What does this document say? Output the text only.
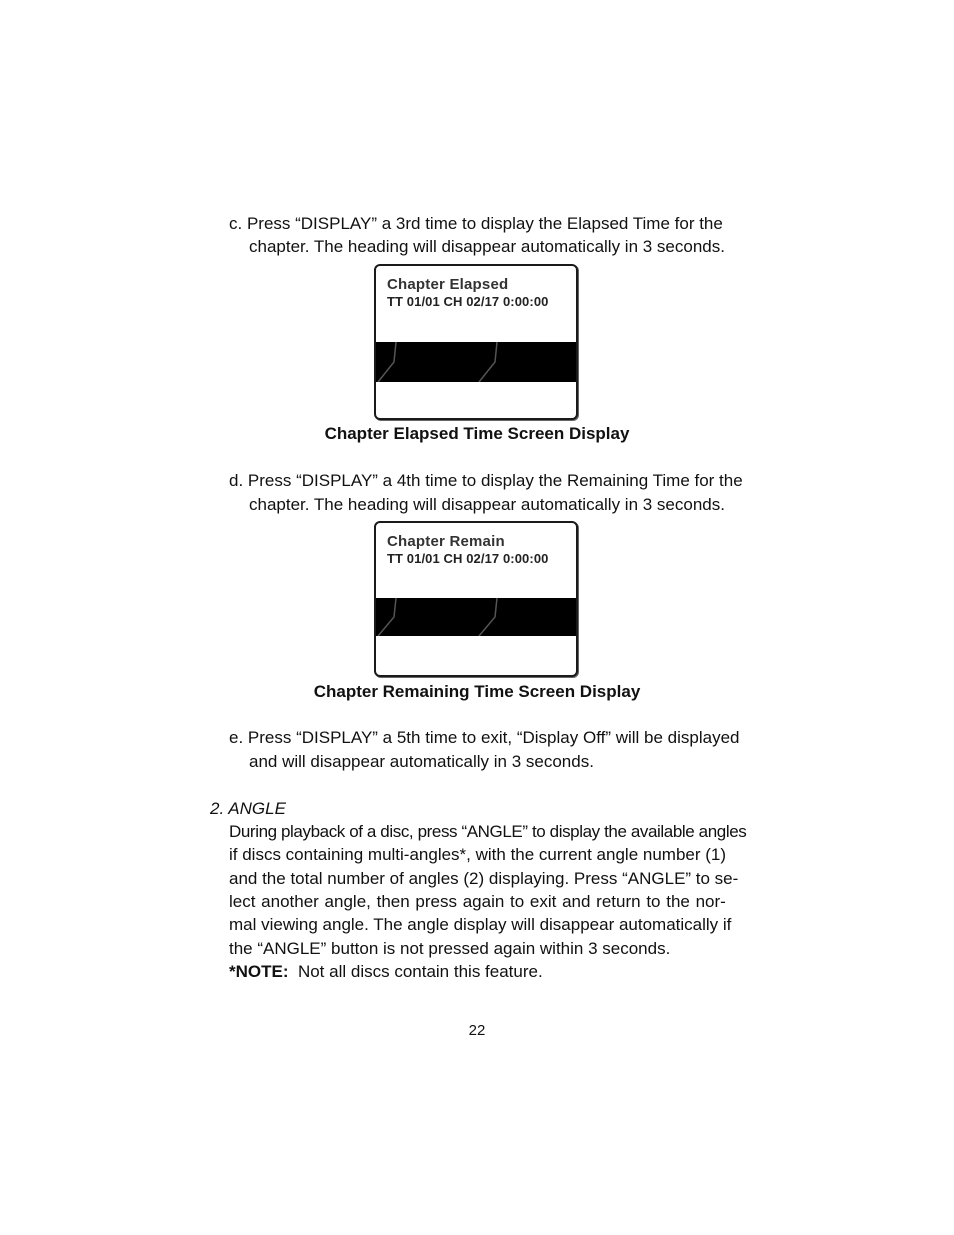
c. Press “DISPLAY” a 3rd time to display the Elapsed Time for the
chapter. The heading will disappear automatically in 3 seconds.
Chapter Elapsed
TT 01/01 CH 02/17 0:00:00
Chapter Elapsed Time Screen Display
d. Press “DISPLAY” a 4th time to display the Remaining Time for the
chapter. The heading will disappear automatically in 3 seconds.
Chapter Remain
TT 01/01 CH 02/17 0:00:00
Chapter Remaining Time Screen Display
e. Press “DISPLAY” a 5th time to exit, “Display Off” will be displayed
and will disappear automatically in 3 seconds.
2. ANGLE
During playback of a disc, press “ANGLE” to display the available angles
if discs containing multi-angles*, with the current angle number (1)
and the total number of angles (2) displaying. Press “ANGLE” to se-
lect another angle, then press again to exit and return to the nor-
mal viewing angle. The angle display will disappear automatically if
the “ANGLE” button is not pressed again within 3 seconds.
*NOTE: Not all discs contain this feature.
22
